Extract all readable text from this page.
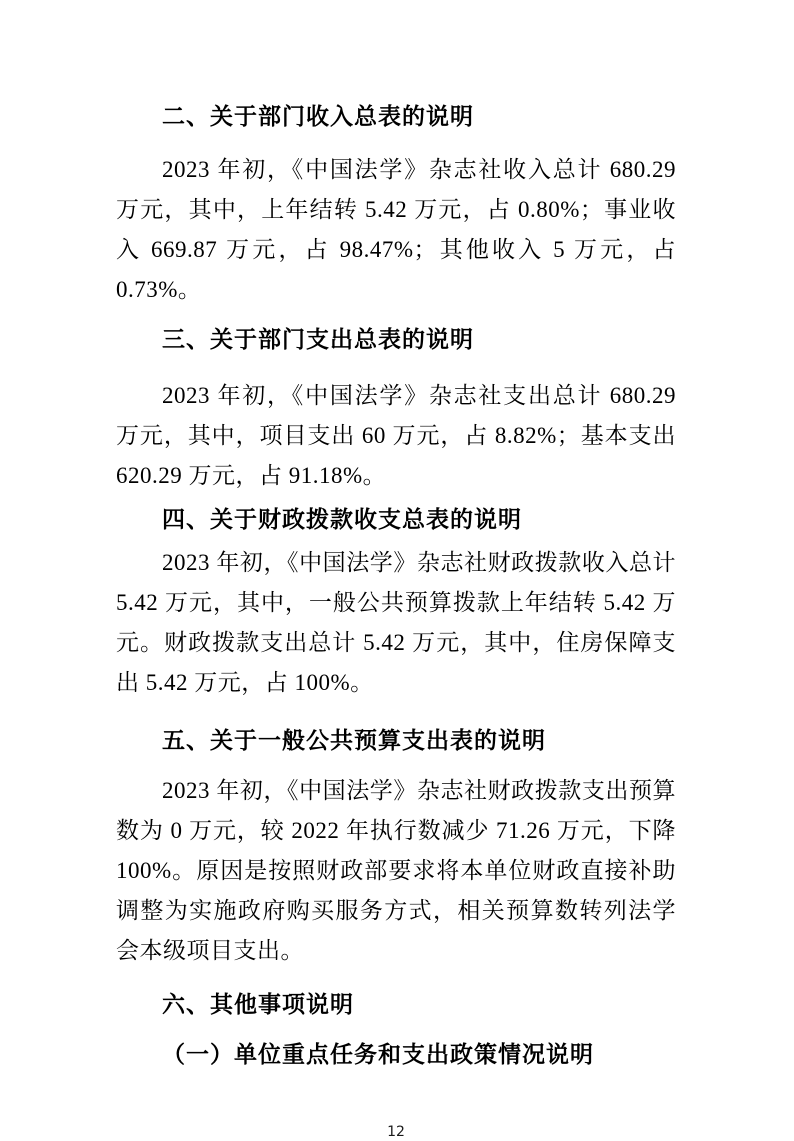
二、关于部门收入总表的说明
2023 年初，《中国法学》杂志社收入总计 680.29 万元，其中，上年结转 5.42 万元，占 0.80%；事业收入 669.87 万元，占 98.47%；其他收入 5 万元，占 0.73%。
三、关于部门支出总表的说明
2023 年初，《中国法学》杂志社支出总计 680.29 万元，其中，项目支出 60 万元，占 8.82%；基本支出 620.29 万元，占 91.18%。
四、关于财政拨款收支总表的说明
2023 年初，《中国法学》杂志社财政拨款收入总计 5.42 万元，其中，一般公共预算拨款上年结转 5.42 万元。财政拨款支出总计 5.42 万元，其中，住房保障支出 5.42 万元，占 100%。
五、关于一般公共预算支出表的说明
2023 年初，《中国法学》杂志社财政拨款支出预算数为 0 万元，较 2022 年执行数减少 71.26 万元，下降 100%。原因是按照财政部要求将本单位财政直接补助调整为实施政府购买服务方式，相关预算数转列法学会本级项目支出。
六、其他事项说明
（一）单位重点任务和支出政策情况说明
12
